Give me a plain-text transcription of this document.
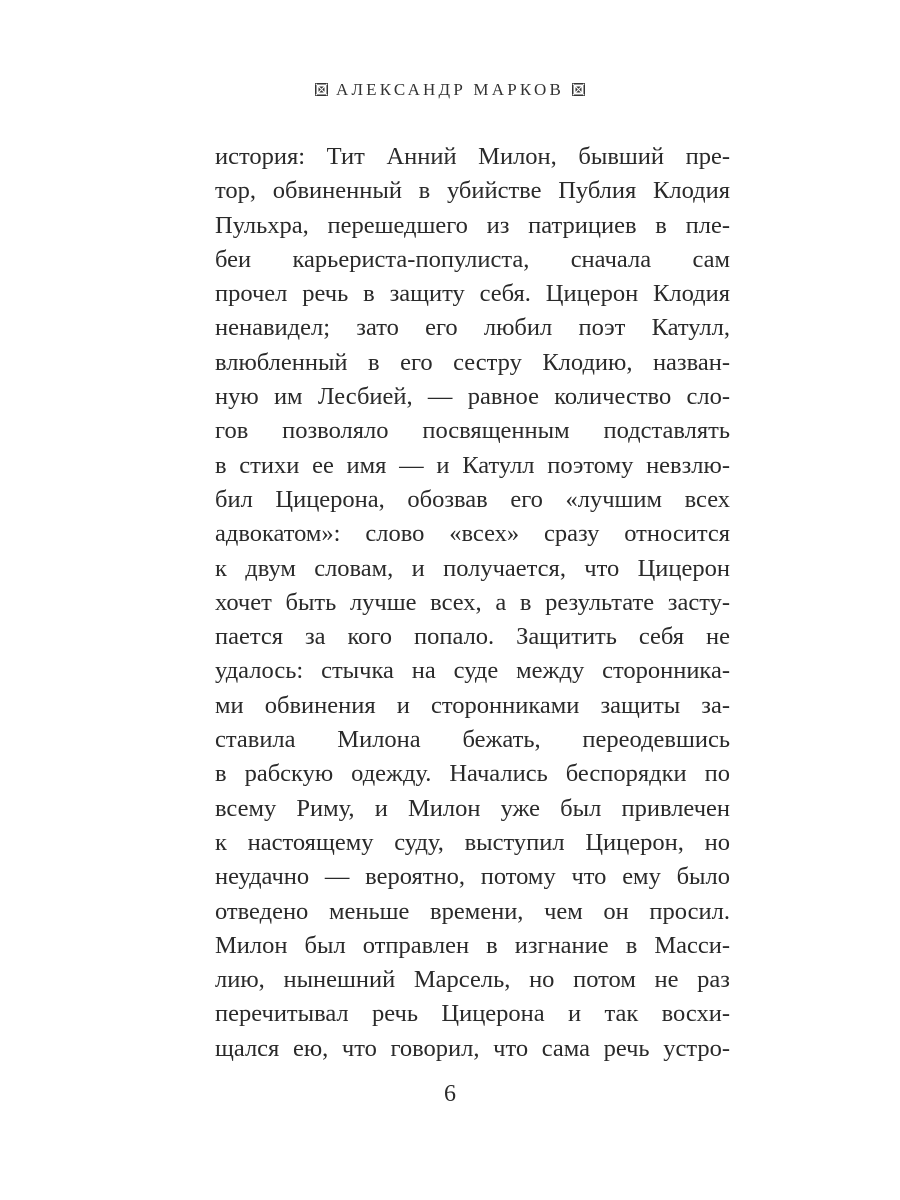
АЛЕКСАНДР МАРКОВ
история: Тит Анний Милон, бывший пре-
тор, обвиненный в убийстве Публия Клодия
Пульхра, перешедшего из патрициев в пле-
беи карьериста-популиста, сначала сам
прочел речь в защиту себя. Цицерон Клодия
ненавидел; зато его любил поэт Катулл,
влюбленный в его сестру Клодию, назван-
ную им Лесбией, — равное количество сло-
гов позволяло посвященным подставлять
в стихи ее имя — и Катулл поэтому невзлю-
бил Цицерона, обозвав его «лучшим всех
адвокатом»: слово «всех» сразу относится
к двум словам, и получается, что Цицерон
хочет быть лучше всех, а в результате засту-
пается за кого попало. Защитить себя не
удалось: стычка на суде между сторонника-
ми обвинения и сторонниками защиты за-
ставила Милона бежать, переодевшись
в рабскую одежду. Начались беспорядки по
всему Риму, и Милон уже был привлечен
к настоящему суду, выступил Цицерон, но
неудачно — вероятно, потому что ему было
отведено меньше времени, чем он просил.
Милон был отправлен в изгнание в Масси-
лию, нынешний Марсель, но потом не раз
перечитывал речь Цицерона и так восхи-
щался ею, что говорил, что сама речь устро-
6
